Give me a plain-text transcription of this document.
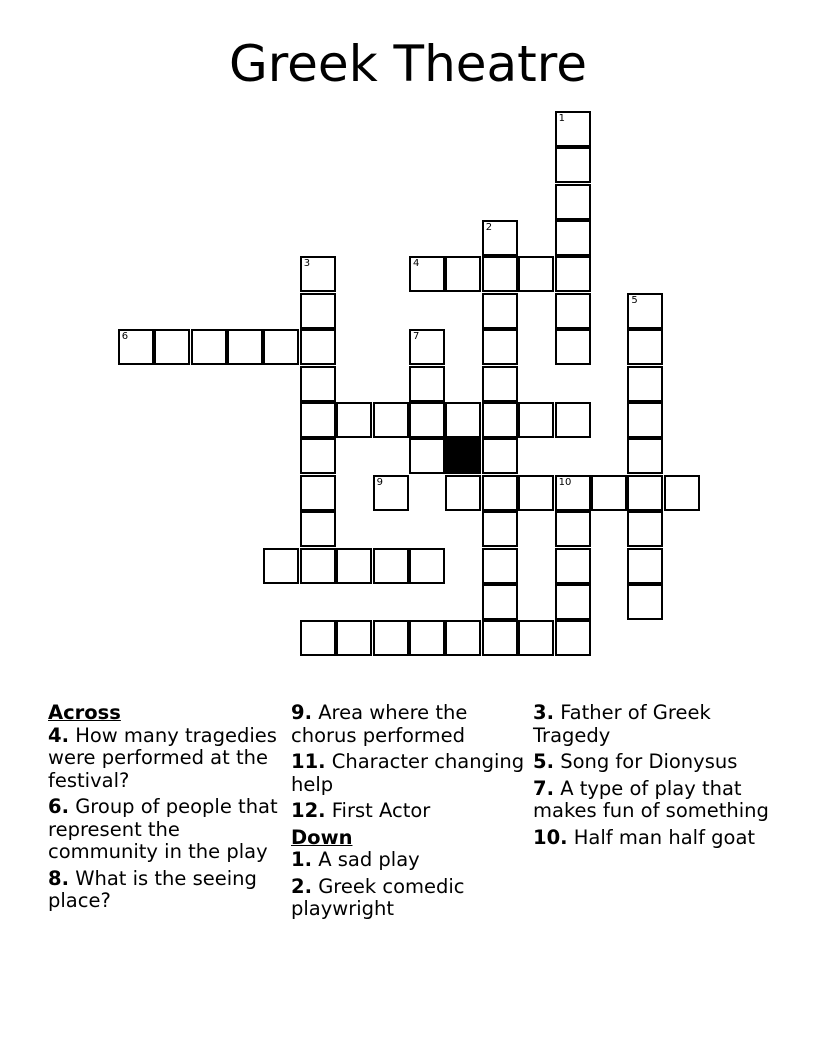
Greek Theatre
1
2
3	4
5
6	7
9	10
Across
4. How many tragedies were performed at the festival?
6. Group of people that represent the community in the play
8. What is the seeing place?
9. Area where the chorus performed
11. Character changing help
12. First Actor
Down
1. A sad play
2. Greek comedic playwright
3. Father of Greek Tragedy
5. Song for Dionysus
7. A type of play that makes fun of something
10. Half man half goat
